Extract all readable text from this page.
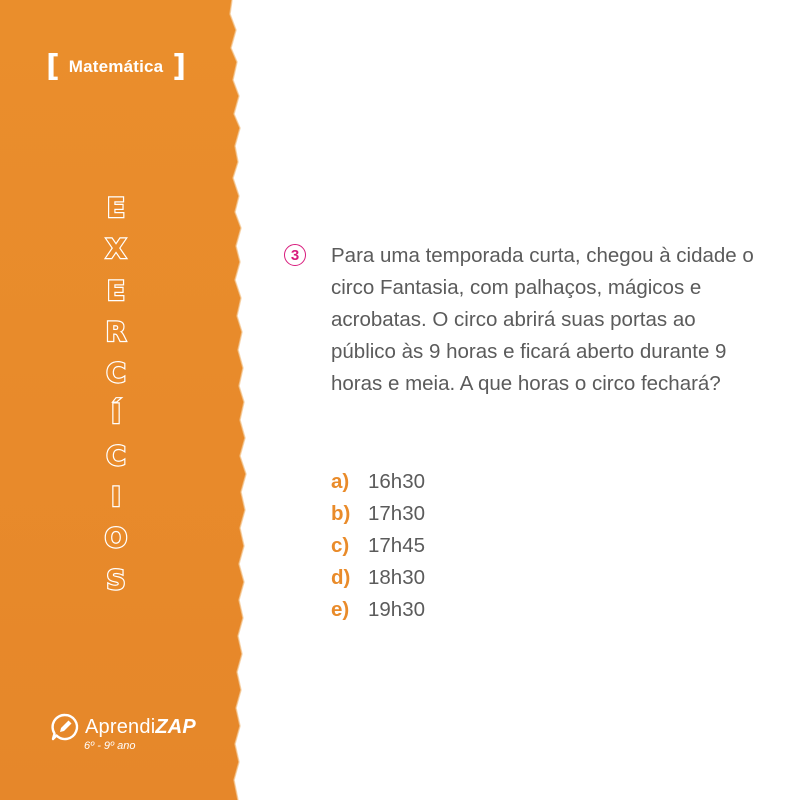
[ Matemática ]
E
X
E
R
C
Í
C
I
O
S
AprendiZAP
6º - 9º ano
3	Para uma temporada curta, chegou à cidade o circo Fantasia, com palhaços, mágicos e acrobatas. O circo abrirá suas portas ao público às 9 horas e ficará aberto durante 9 horas e meia. A que horas o circo fechará?
a) 16h30
b) 17h30
c) 17h45
d) 18h30
e) 19h30
